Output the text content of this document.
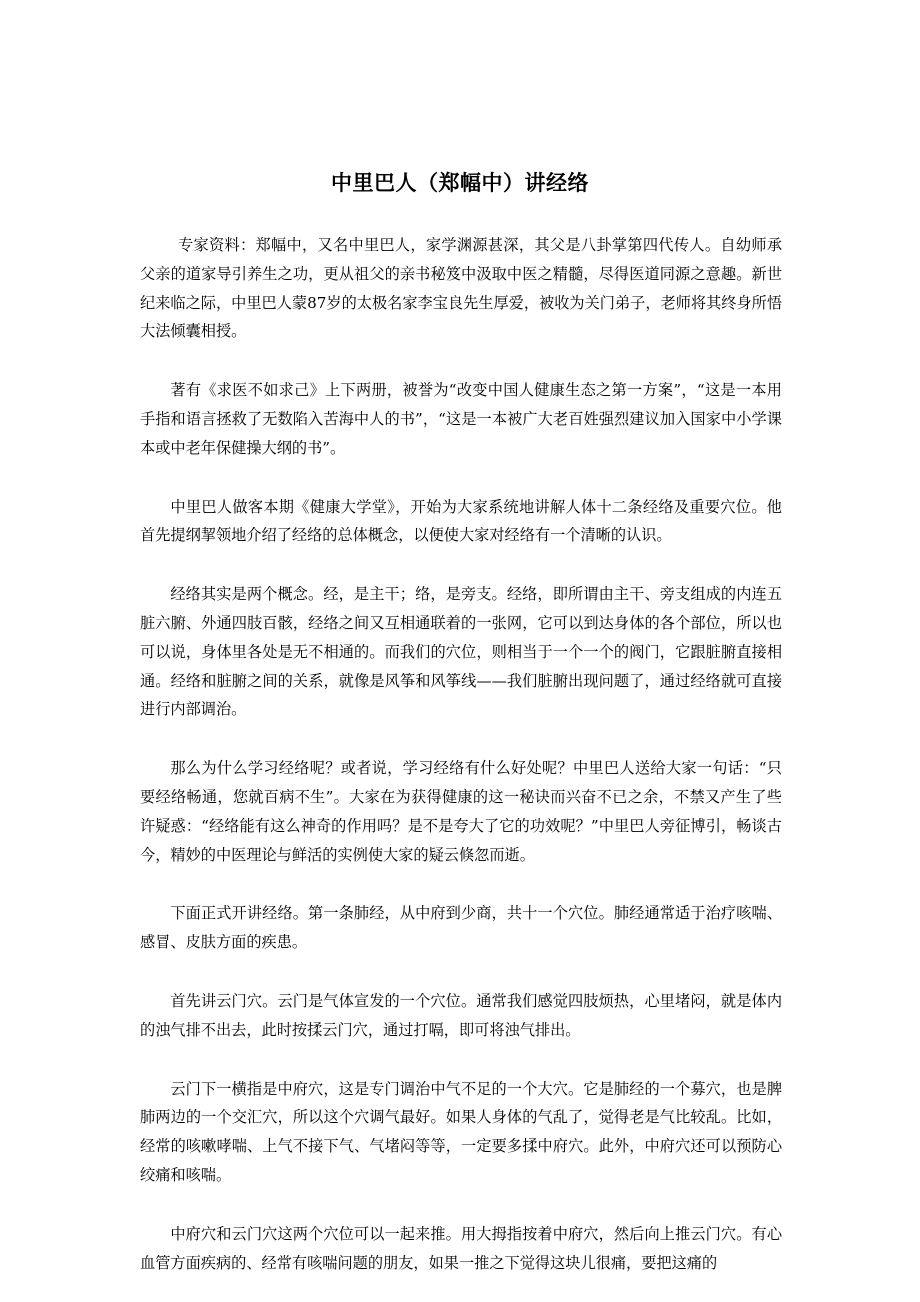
中里巴人（郑幅中）讲经络

专家资料：郑幅中，又名中里巴人，家学渊源甚深，其父是八卦掌第四代传人。自幼师承父亲的道家导引养生之功，更从祖父的亲书秘笈中汲取中医之精髓，尽得医道同源之意趣。新世纪来临之际，中里巴人蒙87岁的太极名家李宝良先生厚爱，被收为关门弟子，老师将其终身所悟大法倾囊相授。

著有《求医不如求己》上下两册，被誉为“改变中国人健康生态之第一方案”，“这是一本用手指和语言拯救了无数陷入苦海中人的书”，“这是一本被广大老百姓强烈建议加入国家中小学课本或中老年保健操大纲的书”。

中里巴人做客本期《健康大学堂》，开始为大家系统地讲解人体十二条经络及重要穴位。他首先提纲挈领地介绍了经络的总体概念，以便使大家对经络有一个清晰的认识。

经络其实是两个概念。经，是主干；络，是旁支。经络，即所谓由主干、旁支组成的内连五脏六腑、外通四肢百骸，经络之间又互相通联着的一张网，它可以到达身体的各个部位，所以也可以说，身体里各处是无不相通的。而我们的穴位，则相当于一个一个的阀门，它跟脏腑直接相通。经络和脏腑之间的关系，就像是风筝和风筝线——我们脏腑出现问题了，通过经络就可直接进行内部调治。

那么为什么学习经络呢？或者说，学习经络有什么好处呢？中里巴人送给大家一句话：“只要经络畅通，您就百病不生”。大家在为获得健康的这一秘诀而兴奋不已之余，不禁又产生了些许疑惑：“经络能有这么神奇的作用吗？是不是夸大了它的功效呢？”中里巴人旁征博引，畅谈古今，精妙的中医理论与鲜活的实例使大家的疑云倏忽而逝。

下面正式开讲经络。第一条肺经，从中府到少商，共十一个穴位。肺经通常适于治疗咳喘、感冒、皮肤方面的疾患。

首先讲云门穴。云门是气体宣发的一个穴位。通常我们感觉四肢烦热，心里堵闷，就是体内的浊气排不出去，此时按揉云门穴，通过打嗝，即可将浊气排出。

云门下一横指是中府穴，这是专门调治中气不足的一个大穴。它是肺经的一个募穴，也是脾肺两边的一个交汇穴，所以这个穴调气最好。如果人身体的气乱了，觉得老是气比较乱。比如，经常的咳嗽哮喘、上气不接下气、气堵闷等等，一定要多揉中府穴。此外，中府穴还可以预防心绞痛和咳喘。

中府穴和云门穴这两个穴位可以一起来推。用大拇指按着中府穴，然后向上推云门穴。有心血管方面疾病的、经常有咳喘问题的朋友，如果一推之下觉得这块儿很痛，要把这痛的
